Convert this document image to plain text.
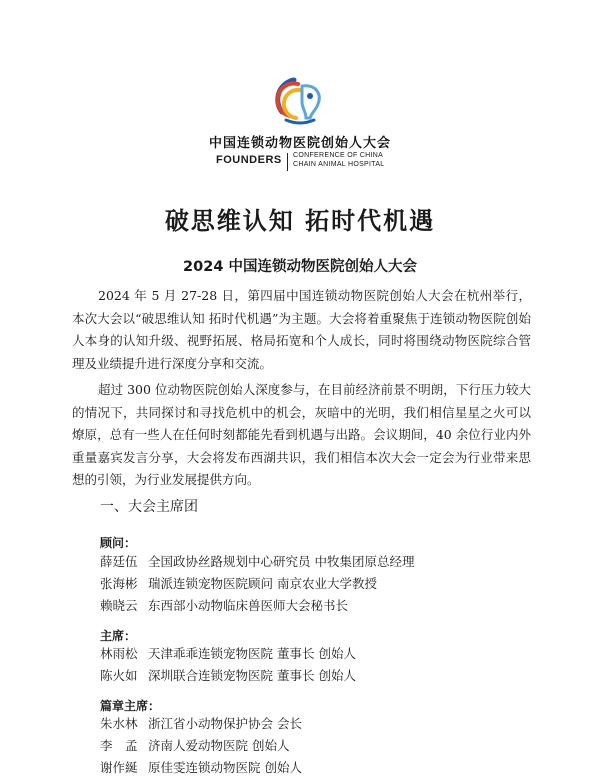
中国连锁动物医院创始人大会
FOUNDERS CONFERENCE OF CHINA
CHAIN ANIMAL HOSPITAL
破思维认知 拓时代机遇
2024 中国连锁动物医院创始人大会

2024 年 5 月 27-28 日，第四届中国连锁动物医院创始人大会在杭州举行，本次大会以“破思维认知 拓时代机遇”为主题。大会将着重聚焦于连锁动物医院创始人本身的认知升级、视野拓展、格局拓宽和个人成长，同时将围绕动物医院综合管理及业绩提升进行深度分享和交流。

超过 300 位动物医院创始人深度参与，在目前经济前景不明朗，下行压力较大的情况下，共同探讨和寻找危机中的机会，灰暗中的光明，我们相信星星之火可以燎原，总有一些人在任何时刻都能先看到机遇与出路。会议期间，40 余位行业内外重量嘉宾发言分享，大会将发布西湖共识，我们相信本次大会一定会为行业带来思想的引领，为行业发展提供方向。

一、大会主席团
顾问：
薛廷伍 全国政协丝路规划中心研究员 中牧集团原总经理
张海彬 瑞派连锁宠物医院顾问 南京农业大学教授
赖晓云 东西部小动物临床兽医师大会秘书长
主席：
林雨松 天津乖乖连锁宠物医院 董事长 创始人
陈火如 深圳联合连锁宠物医院 董事长 创始人
篇章主席：
朱水林 浙江省小动物保护协会 会长
李　孟 济南人爱动物医院 创始人
谢作綖 原佳雯连锁动物医院 创始人
